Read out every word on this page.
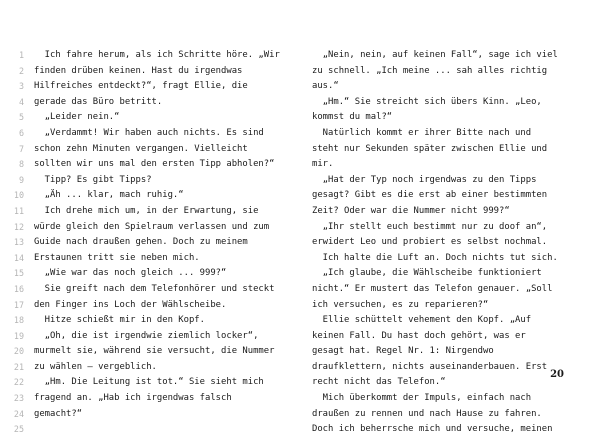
1 Ich fahre herum, als ich Schritte höre. „Wir
2 finden drüben keinen. Hast du irgendwas
3 Hilfreiches entdeckt?“, fragt Ellie, die
4 gerade das Büro betritt.
5 „Leider nein.“
6 „Verdammt! Wir haben auch nichts. Es sind
7 schon zehn Minuten vergangen. Vielleicht
8 sollten wir uns mal den ersten Tipp abholen?“
9 Tipp? Es gibt Tipps?
10 „Äh ... klar, mach ruhig.“
11 Ich drehe mich um, in der Erwartung, sie
12 würde gleich den Spielraum verlassen und zum
13 Guide nach draußen gehen. Doch zu meinem
14 Erstaunen tritt sie neben mich.
15 „Wie war das noch gleich ... 999?“
16 Sie greift nach dem Telefonhörer und steckt
17 den Finger ins Loch der Wählscheibe.
18 Hitze schießt mir in den Kopf.
19 „Oh, die ist irgendwie ziemlich locker“,
20 murmelt sie, während sie versucht, die Nummer
21 zu wählen – vergeblich.
22 „Hm. Die Leitung ist tot.“ Sie sieht mich
23 fragend an. „Hab ich irgendwas falsch
24 gemacht?“
25
„Nein, nein, auf keinen Fall“, sage ich viel
zu schnell. „Ich meine ... sah alles richtig
aus.“
„Hm.“ Sie streicht sich übers Kinn. „Leo,
kommst du mal?“
Natürlich kommt er ihrer Bitte nach und
steht nur Sekunden später zwischen Ellie und
mir.
„Hat der Typ noch irgendwas zu den Tipps
gesagt? Gibt es die erst ab einer bestimmten
Zeit? Oder war die Nummer nicht 999?“
„Ihr stellt euch bestimmt nur zu doof an“,
erwidert Leo und probiert es selbst nochmal.
Ich halte die Luft an. Doch nichts tut sich.
„Ich glaube, die Wählscheibe funktioniert
nicht.“ Er mustert das Telefon genauer. „Soll
ich versuchen, es zu reparieren?“
Ellie schüttelt vehement den Kopf. „Auf
keinen Fall. Du hast doch gehört, was er
gesagt hat. Regel Nr. 1: Nirgendwo
draufklettern, nichts auseinanderbauen. Erst
recht nicht das Telefon.“
Mich überkommt der Impuls, einfach nach
draußen zu rennen und nach Hause zu fahren.
Doch ich beherrsche mich und versuche, meinen
20
